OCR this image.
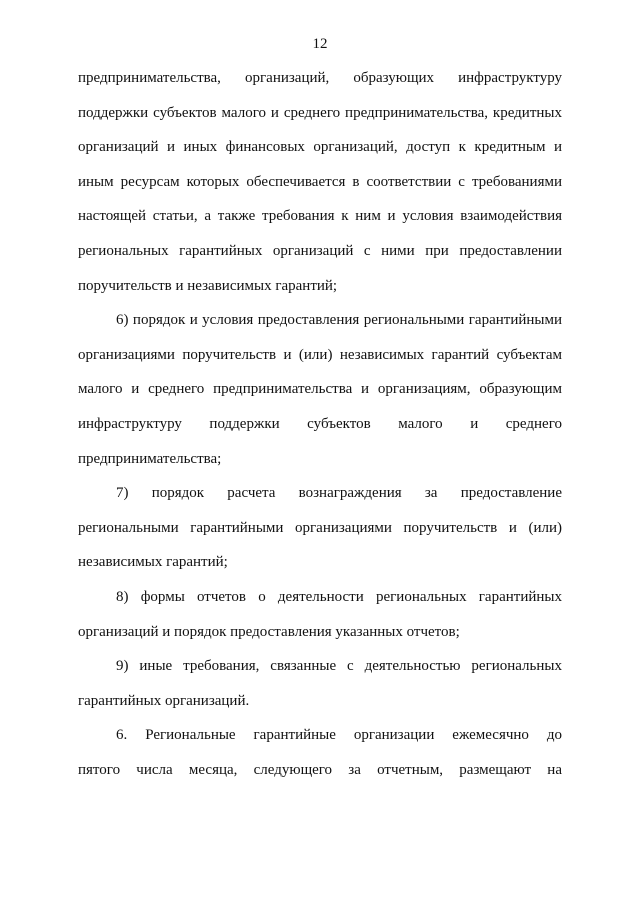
12
предпринимательства, организаций, образующих инфраструктуру
поддержки субъектов малого и среднего предпринимательства, кредитных
организаций и иных финансовых организаций, доступ к кредитным и
иным ресурсам которых обеспечивается в соответствии с требованиями
настоящей статьи, а также требования к ним и условия взаимодействия
региональных гарантийных организаций с ними при предоставлении
поручительств и независимых гарантий;
6) порядок и условия предоставления региональными гарантийными
организациями поручительств и (или) независимых гарантий субъектам
малого и среднего предпринимательства и организациям, образующим
инфраструктуру поддержки субъектов малого и среднего
предпринимательства;
7) порядок расчета вознаграждения за предоставление
региональными гарантийными организациями поручительств и (или)
независимых гарантий;
8) формы отчетов о деятельности региональных гарантийных
организаций и порядок предоставления указанных отчетов;
9) иные требования, связанные с деятельностью региональных
гарантийных организаций.
6. Региональные гарантийные организации ежемесячно до
пятого числа месяца, следующего за отчетным, размещают на
